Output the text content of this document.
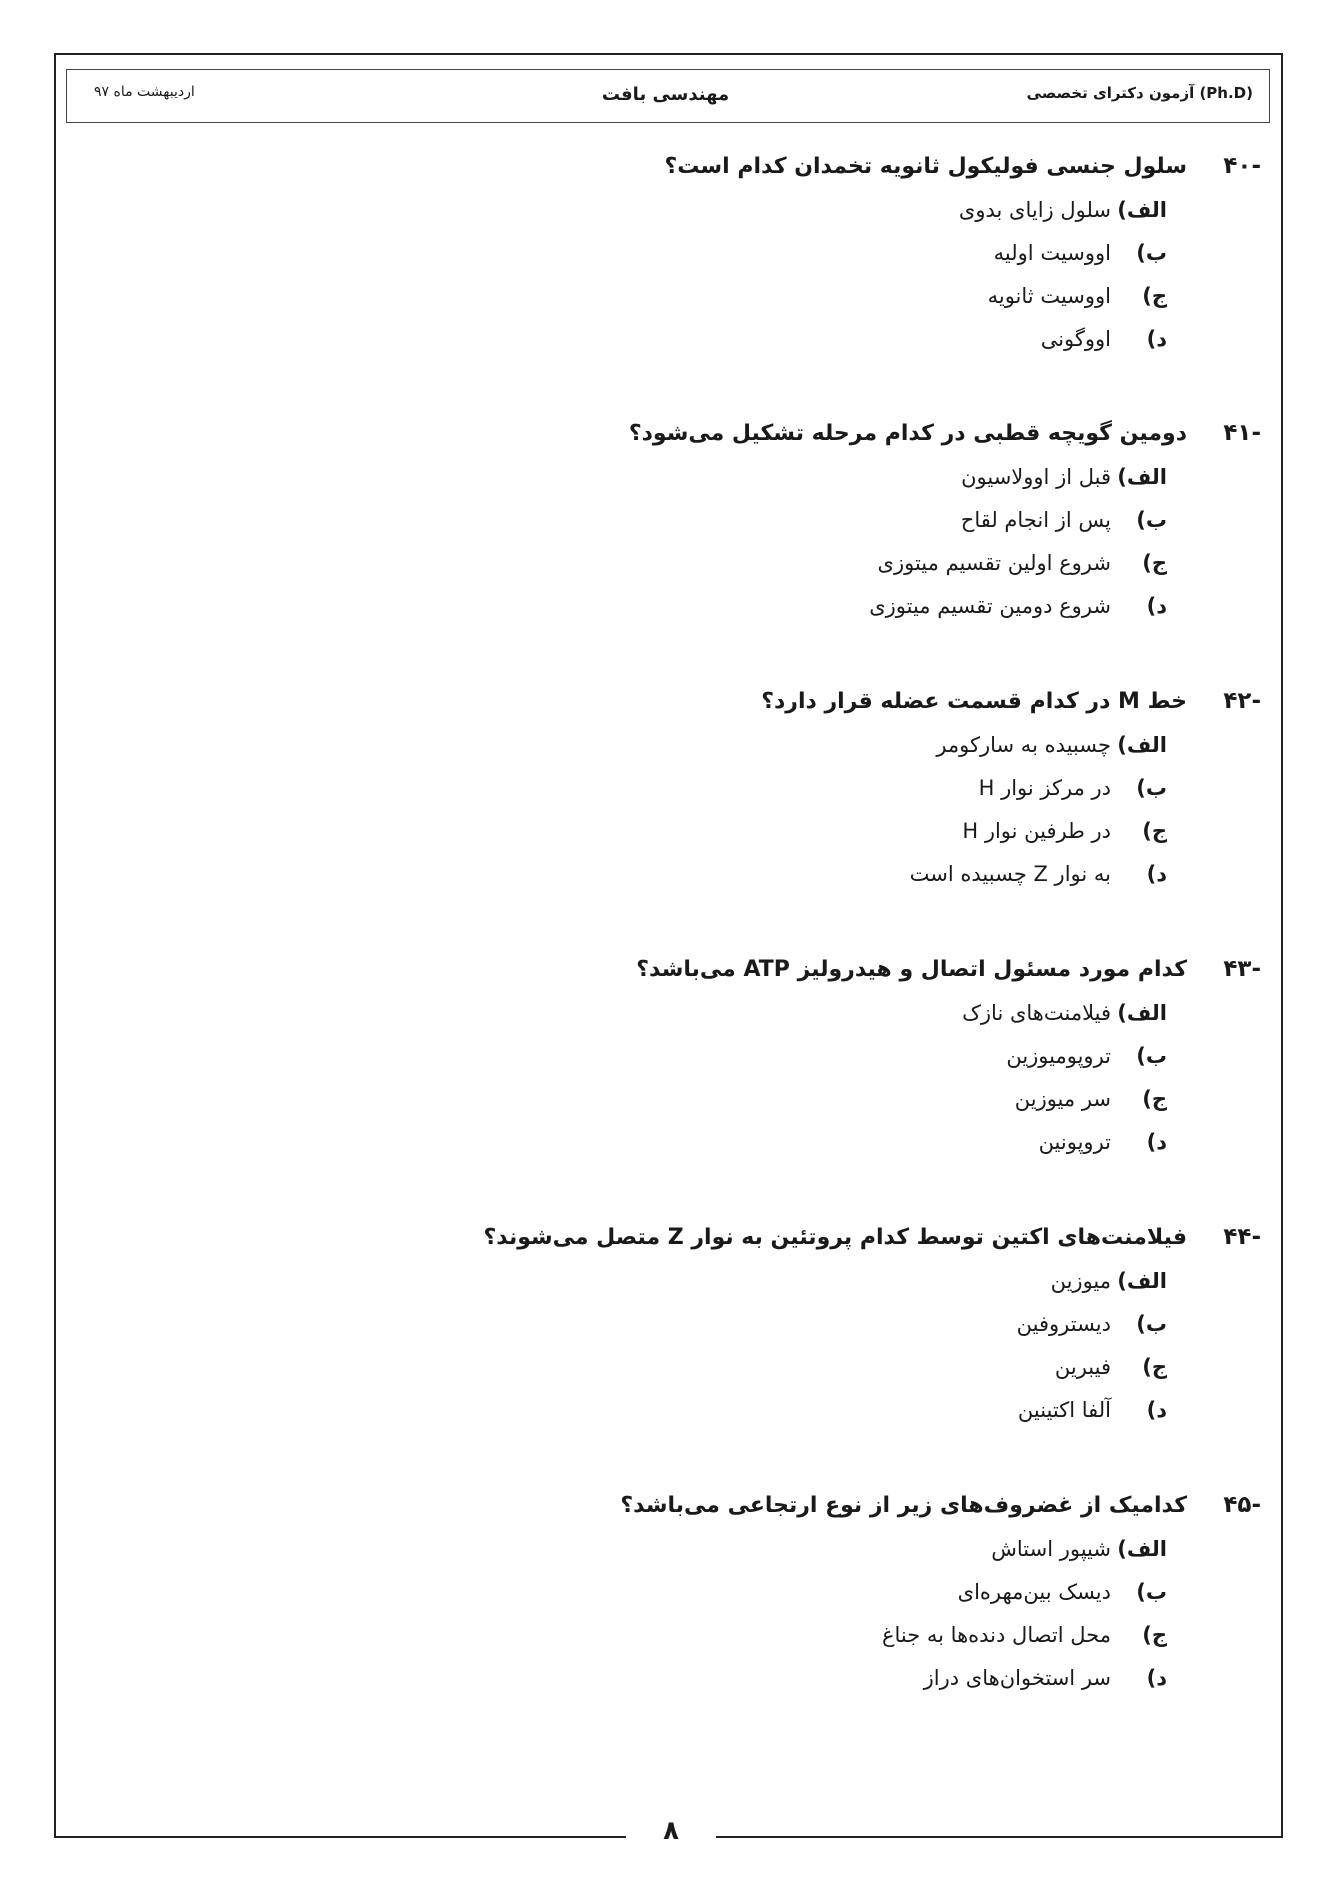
اردیبهشت ماه ۹۷	مهندسی بافت	آزمون دکترای تخصصی (Ph.D)
-۴۰
سلول جنسی فولیکول ثانویه تخمدان کدام است؟
الف)
سلول زایای بدوی
ب)
اووسیت اولیه
ج)
اووسیت ثانویه
د)
اووگونی
-۴۱
دومین گویچه قطبی در کدام مرحله تشکیل می‌شود؟
الف)
قبل از اوولاسیون
ب)
پس از انجام لقاح
ج)
شروع اولین تقسیم میتوزی
د)
شروع دومین تقسیم میتوزی
-۴۲
خط M در کدام قسمت عضله قرار دارد؟
الف)
چسبیده به سارکومر
ب)
در مرکز نوار H
ج)
در طرفین نوار H
د)
به نوار Z چسبیده است
-۴۳
کدام مورد مسئول اتصال و هیدرولیز ATP می‌باشد؟
الف)
فیلامنت‌های نازک
ب)
تروپومیوزین
ج)
سر میوزین
د)
تروپونین
-۴۴
فیلامنت‌های اکتین توسط کدام پروتئین به نوار Z متصل می‌شوند؟
الف)
میوزین
ب)
دیستروفین
ج)
فیبرین
د)
آلفا اکتینین
-۴۵
کدامیک از غضروف‌های زیر از نوع ارتجاعی می‌باشد؟
الف)
شیپور استاش
ب)
دیسک بین‌مهره‌ای
ج)
محل اتصال دنده‌ها به جناغ
د)
سر استخوان‌های دراز
۸
